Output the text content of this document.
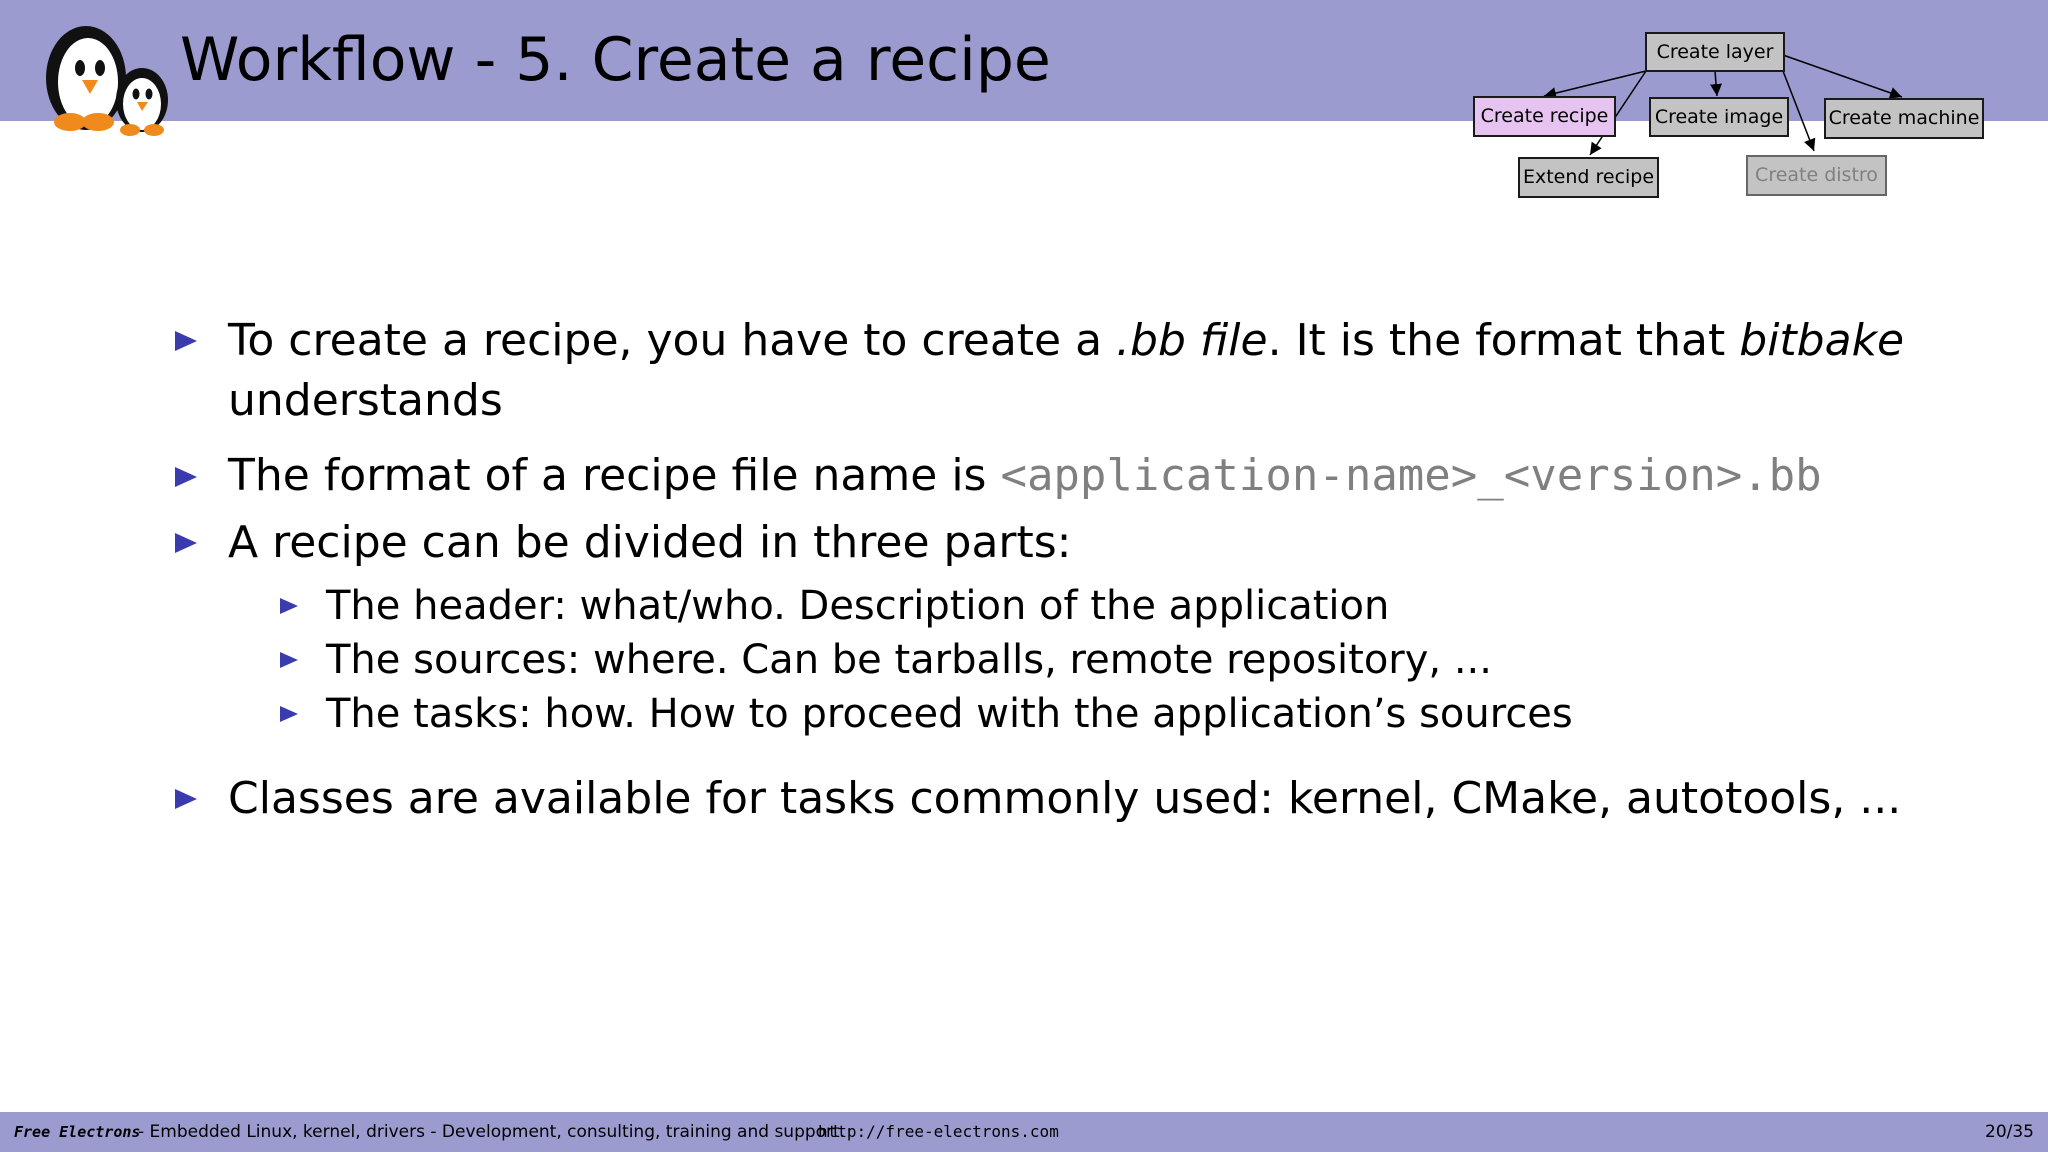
Workflow - 5. Create a recipe	Create layer
Create recipe	Create image	Create machine
Extend recipe	Create distro
To create a recipe, you have to create a .bb file. It is the format that bitbake
understands
The format of a recipe file name is <application-name>_<version>.bb
A recipe can be divided in three parts:
The header: what/who. Description of the application
The sources: where. Can be tarballs, remote repository, ...
The tasks: how. How to proceed with the application’s sources
Classes are available for tasks commonly used: kernel, CMake, autotools, ...
Free Electrons
- Embedded Linux, kernel, drivers - Development, consulting, training and support.
http://free-electrons.com	20/35
